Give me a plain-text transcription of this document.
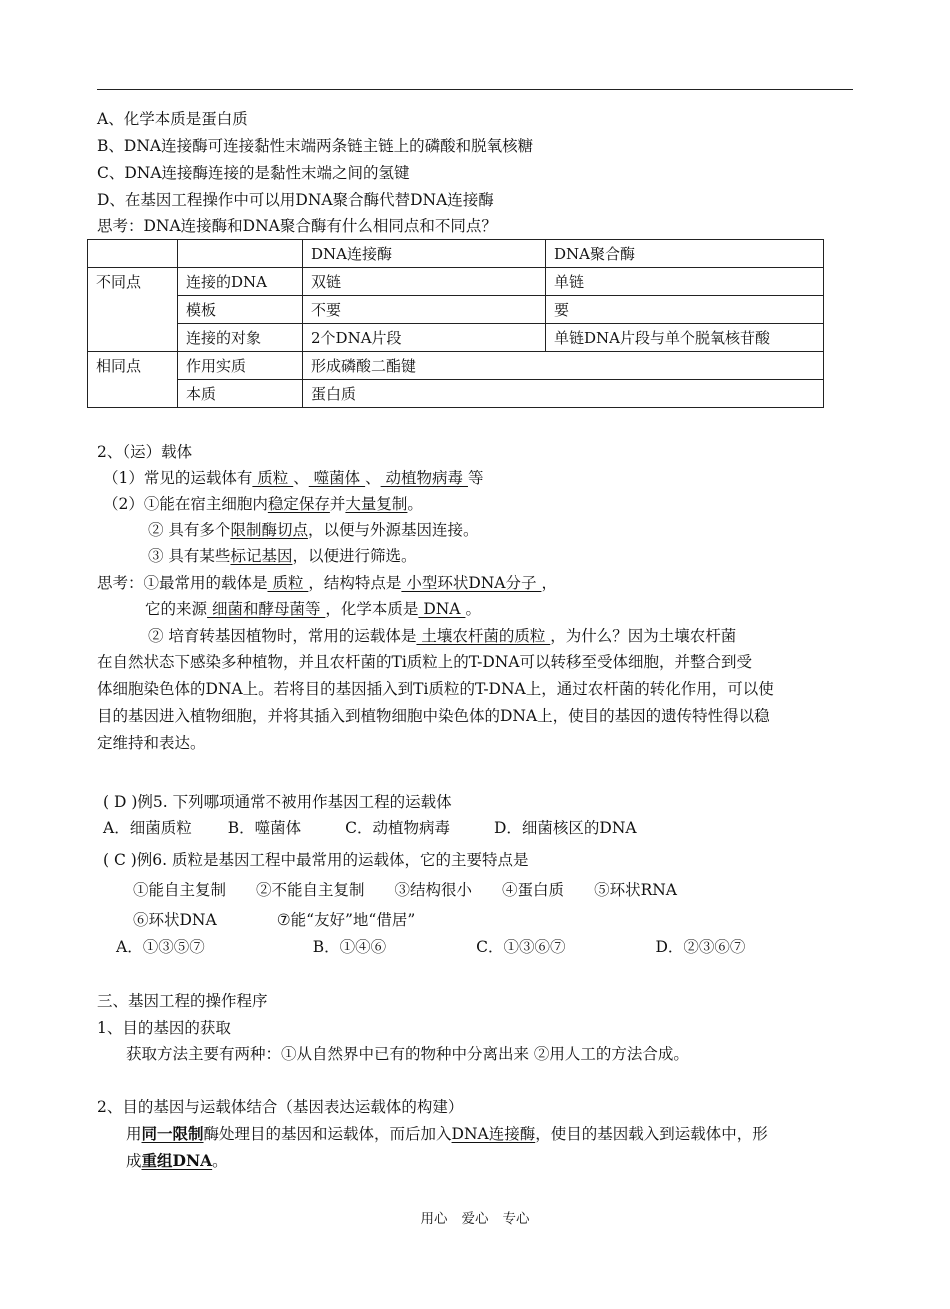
A、化学本质是蛋白质
B、DNA连接酶可连接黏性末端两条链主链上的磷酸和脱氧核糖
C、DNA连接酶连接的是黏性末端之间的氢键
D、在基因工程操作中可以用DNA聚合酶代替DNA连接酶
思考：DNA连接酶和DNA聚合酶有什么相同点和不同点？
		DNA连接酶	DNA聚合酶
不同点	连接的DNA	双链	单链
	模板	不要	要
	连接的对象	2个DNA片段	单链DNA片段与单个脱氧核苷酸
相同点	作用实质	形成磷酸二酯键	
	本质	蛋白质	
2、（运）载体
（1）常见的运载体有 质粒 、 噬菌体 、 动植物病毒 等
（2）①能在宿主细胞内稳定保存并大量复制。
② 具有多个限制酶切点，以便与外源基因连接。
③ 具有某些标记基因，以便进行筛选。
思考：①最常用的载体是 质粒 ，结构特点是 小型环状DNA分子 ，
它的来源 细菌和酵母菌等 ，化学本质是 DNA 。
② 培育转基因植物时，常用的运载体是 土壤农杆菌的质粒 ，为什么？因为土壤农杆菌
在自然状态下感染多种植物，并且农杆菌的Ti质粒上的T-DNA可以转移至受体细胞，并整合到受
体细胞染色体的DNA上。若将目的基因插入到Ti质粒的T-DNA上，通过农杆菌的转化作用，可以使
目的基因进入植物细胞，并将其插入到植物细胞中染色体的DNA上，使目的基因的遗传特性得以稳
定维持和表达。
( D )例5. 下列哪项通常不被用作基因工程的运载体
A．细菌质粒 B．噬菌体	C．动植物病毒	D．细菌核区的DNA
( C )例6. 质粒是基因工程中最常用的运载体，它的主要特点是
①能自主复制 ②不能自主复制 ③结构很小 ④蛋白质 ⑤环状RNA
⑥环状DNA	⑦能“友好”地“借居”
A．①③⑤⑦	B．①④⑥	C．①③⑥⑦	D．②③⑥⑦
三、基因工程的操作程序
1、目的基因的获取
获取方法主要有两种：①从自然界中已有的物种中分离出来 ②用人工的方法合成。
2、目的基因与运载体结合（基因表达运载体的构建）
用同一限制酶处理目的基因和运载体，而后加入DNA连接酶，使目的基因载入到运载体中，形
成重组DNA。
用心 爱心 专心
